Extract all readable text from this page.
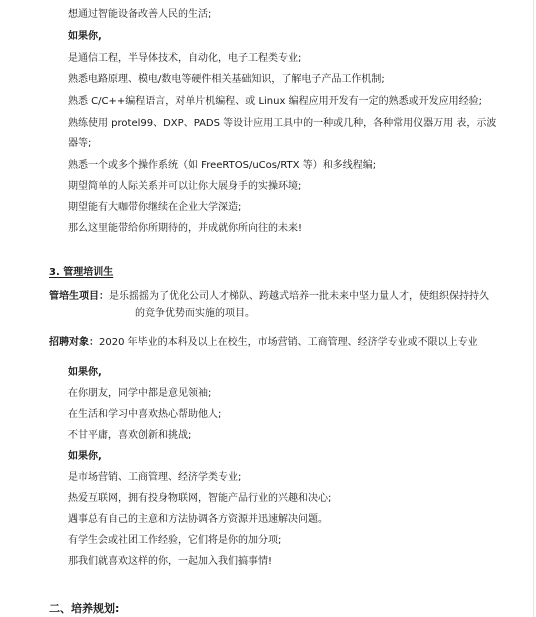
想通过智能设备改善人民的生活;
如果你,
是通信工程，半导体技术，自动化，电子工程类专业;
熟悉电路原理、模电/数电等硬件相关基础知识，了解电子产品工作机制;
熟悉 C/C++编程语言，对单片机编程、或 Linux 编程应用开发有一定的熟悉或开发应用经验;
熟练使用 protel99、DXP、PADS 等设计应用工具中的一种或几种，各种常用仪器万用 表，示波
器等;
熟悉一个或多个操作系统（如 FreeRTOS/uCos/RTX 等）和多线程编;
期望简单的人际关系并可以让你大展身手的实操环境;
期望能有大咖带你继续在企业大学深造;
那么这里能带给你所期待的，并成就你所向往的未来!
3. 管理培训生
管培生项目：是乐摇摇为了优化公司人才梯队、跨越式培养一批未来中坚力量人才，使组织保持持久
的竞争优势而实施的项目。
招聘对象：2020 年毕业的本科及以上在校生，市场营销、工商管理、经济学专业或不限以上专业
如果你,
在你朋友，同学中都是意见领袖;
在生活和学习中喜欢热心帮助他人;
不甘平庸，喜欢创新和挑战;
如果你,
是市场营销、工商管理、经济学类专业;
热爱互联网，拥有投身物联网，智能产品行业的兴趣和决心;
遇事总有自己的主意和方法协调各方资源并迅速解决问题。
有学生会或社团工作经验，它们将是你的加分项;
那我们就喜欢这样的你，一起加入我们搞事情!
二、培养规划:
